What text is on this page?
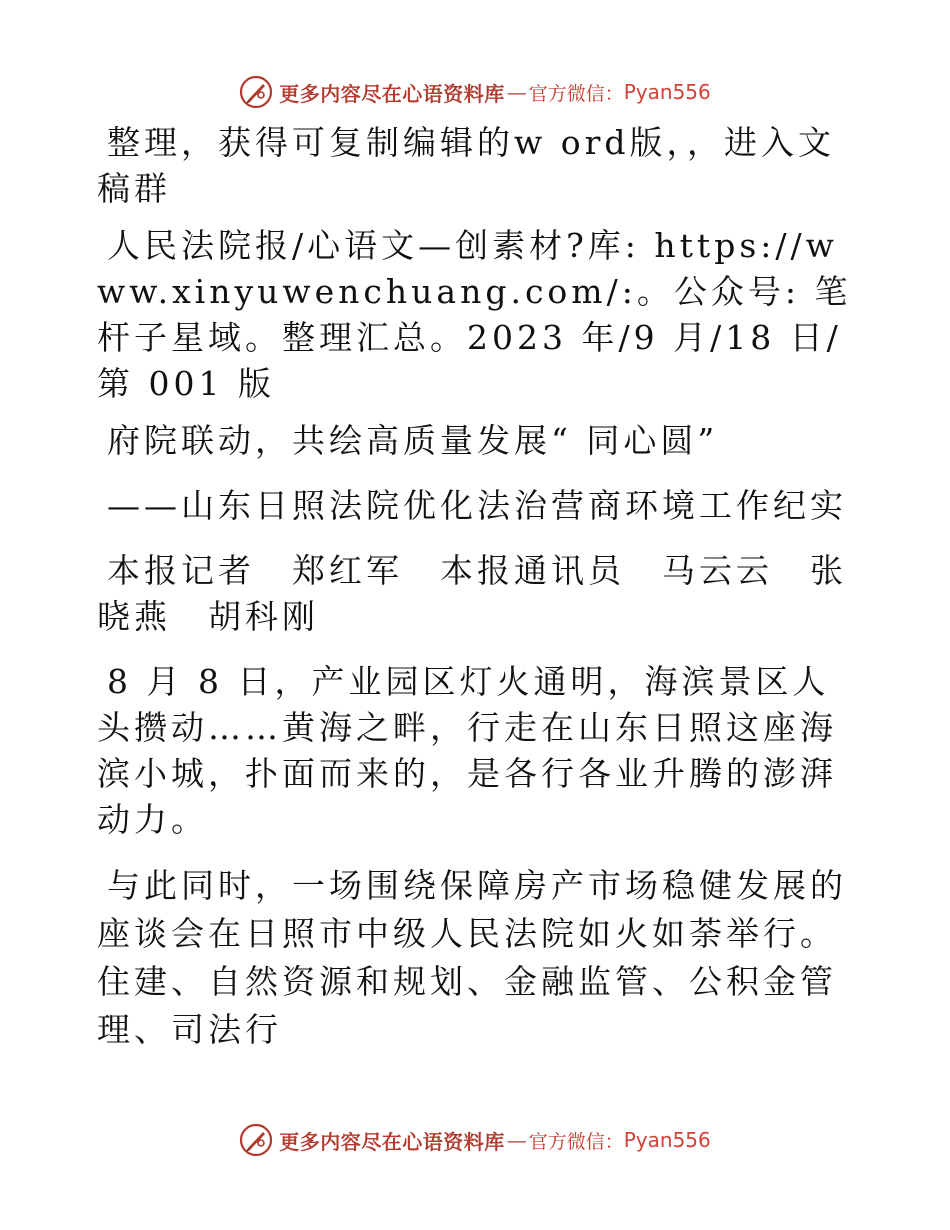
更多内容尽在心语资料库 — 官方微信： Pyan556

整理，获得可复制编辑的w ord版，，进入文稿群

人民法院报/心语文—创素材?库: https://www.xinyuwenchuang.com/:。公众号: 笔杆子星域。整理汇总。2023 年/9 月/18 日/第 001 版

府院联动，共绘高质量发展“ 同心圆”

——山东日照法院优化法治营商环境工作纪实

本报记者　郑红军　本报通讯员　马云云　张晓燕　胡科刚

8 月 8 日，产业园区灯火通明，海滨景区人头攒动……黄海之畔，行走在山东日照这座海滨小城，扑面而来的，是各行各业升腾的澎湃动力。

与此同时，一场围绕保障房产市场稳健发展的座谈会在日照市中级人民法院如火如荼举行。住建、自然资源和规划、金融监管、公积金管理、司法行

更多内容尽在心语资料库 — 官方微信： Pyan556
